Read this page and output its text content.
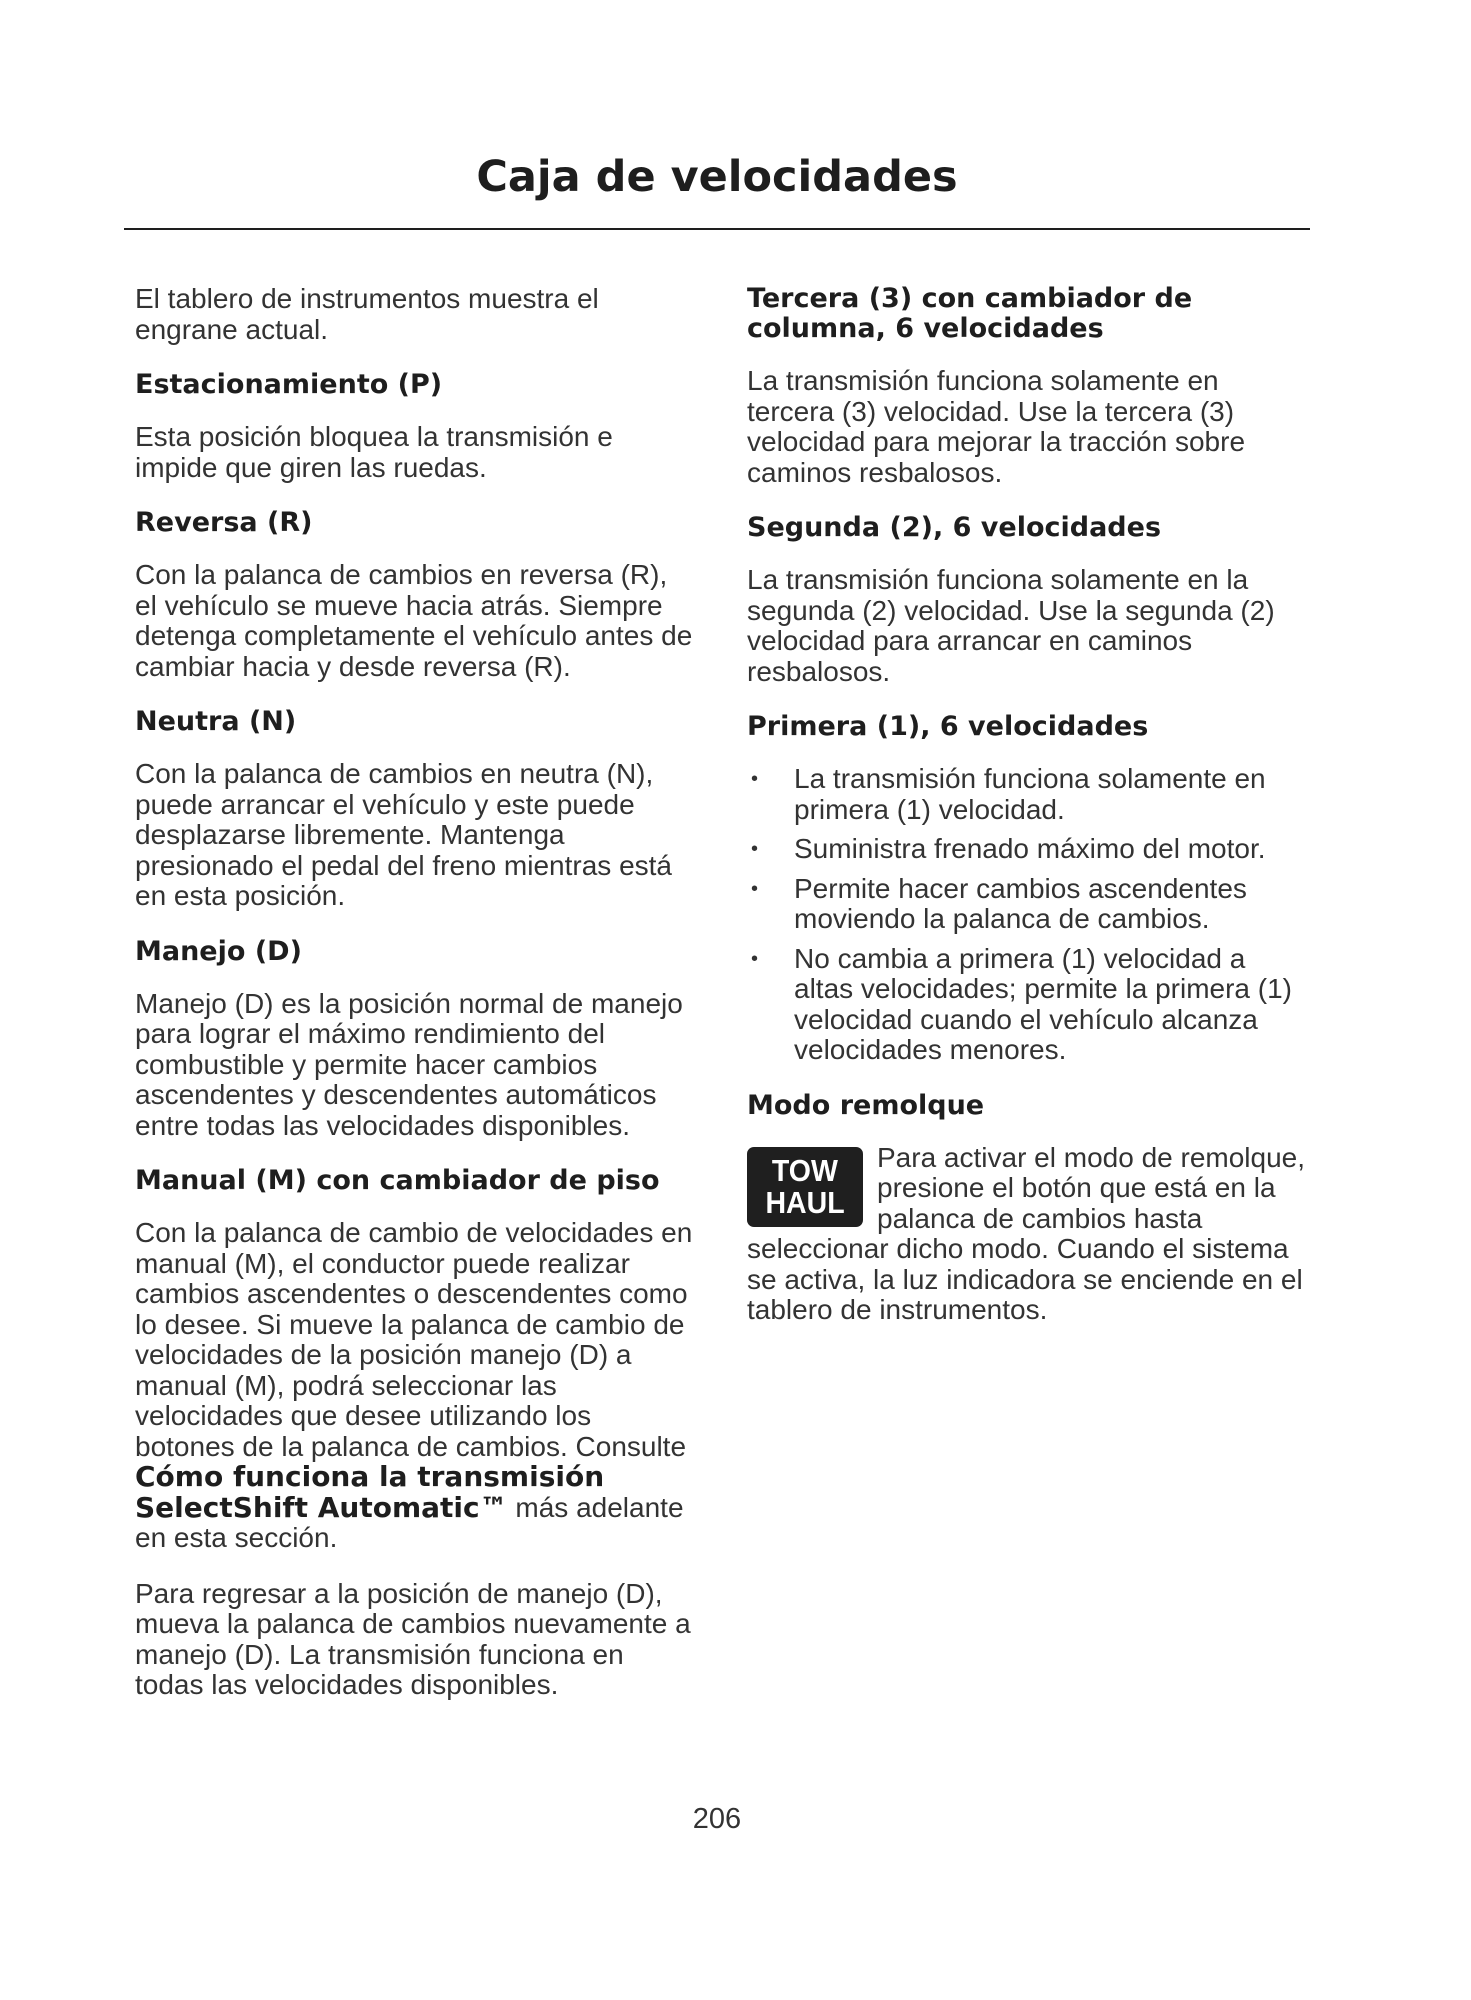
Caja de velocidades

El tablero de instrumentos muestra el engrane actual.

Estacionamiento (P)

Esta posición bloquea la transmisión e impide que giren las ruedas.

Reversa (R)

Con la palanca de cambios en reversa (R), el vehículo se mueve hacia atrás. Siempre detenga completamente el vehículo antes de cambiar hacia y desde reversa (R).

Neutra (N)

Con la palanca de cambios en neutra (N), puede arrancar el vehículo y este puede desplazarse libremente. Mantenga presionado el pedal del freno mientras está en esta posición.

Manejo (D)

Manejo (D) es la posición normal de manejo para lograr el máximo rendimiento del combustible y permite hacer cambios ascendentes y descendentes automáticos entre todas las velocidades disponibles.

Manual (M) con cambiador de piso

Con la palanca de cambio de velocidades en manual (M), el conductor puede realizar cambios ascendentes o descendentes como lo desee. Si mueve la palanca de cambio de velocidades de la posición manejo (D) a manual (M), podrá seleccionar las velocidades que desee utilizando los botones de la palanca de cambios. Consulte Cómo funciona la transmisión SelectShift Automatic™ más adelante en esta sección.

Para regresar a la posición de manejo (D), mueva la palanca de cambios nuevamente a manejo (D). La transmisión funciona en todas las velocidades disponibles.

Tercera (3) con cambiador de columna, 6 velocidades

La transmisión funciona solamente en tercera (3) velocidad. Use la tercera (3) velocidad para mejorar la tracción sobre caminos resbalosos.

Segunda (2), 6 velocidades

La transmisión funciona solamente en la segunda (2) velocidad. Use la segunda (2) velocidad para arrancar en caminos resbalosos.

Primera (1), 6 velocidades
• La transmisión funciona solamente en primera (1) velocidad.
• Suministra frenado máximo del motor.
• Permite hacer cambios ascendentes moviendo la palanca de cambios.
• No cambia a primera (1) velocidad a altas velocidades; permite la primera (1) velocidad cuando el vehículo alcanza velocidades menores.
Modo remolque
TOW
HAUL

Para activar el modo de remolque, presione el botón que está en la palanca de cambios hasta seleccionar dicho modo. Cuando el sistema se activa, la luz indicadora se enciende en el tablero de instrumentos.

206
